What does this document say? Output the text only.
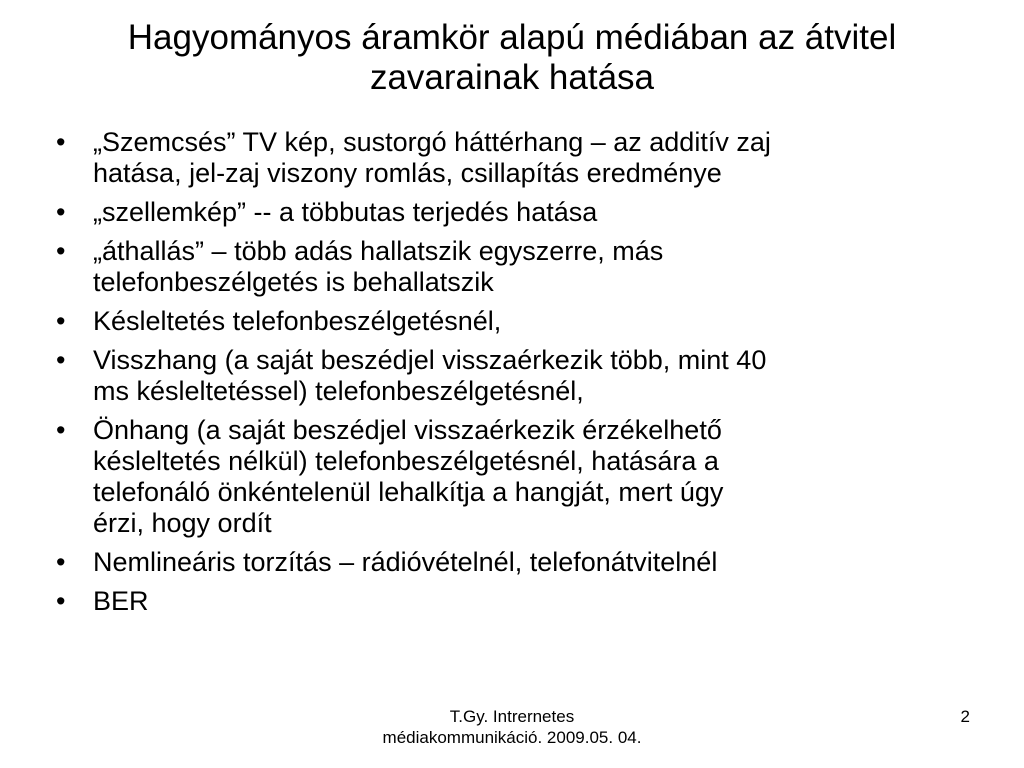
Hagyományos áramkör alapú médiában az átvitel
zavarainak hatása
•	„Szemcsés” TV kép, sustorgó háttérhang – az additív zaj
hatása, jel-zaj viszony romlás, csillapítás eredménye
•	„szellemkép” -- a többutas terjedés hatása
•	„áthallás” – több adás hallatszik egyszerre, más
telefonbeszélgetés is behallatszik
•	Késleltetés telefonbeszélgetésnél,
•	Visszhang (a saját beszédjel visszaérkezik több, mint 40
ms késleltetéssel) telefonbeszélgetésnél,
•	Önhang (a saját beszédjel visszaérkezik érzékelhető
késleltetés nélkül) telefonbeszélgetésnél, hatására a
telefonáló önkéntelenül lehalkítja a hangját, mert úgy
érzi, hogy ordít
•	Nemlineáris torzítás – rádióvételnél, telefonátvitelnél
•	BER
T.Gy. Intrernetes
médiakommunikáció. 2009.05. 04.
2
